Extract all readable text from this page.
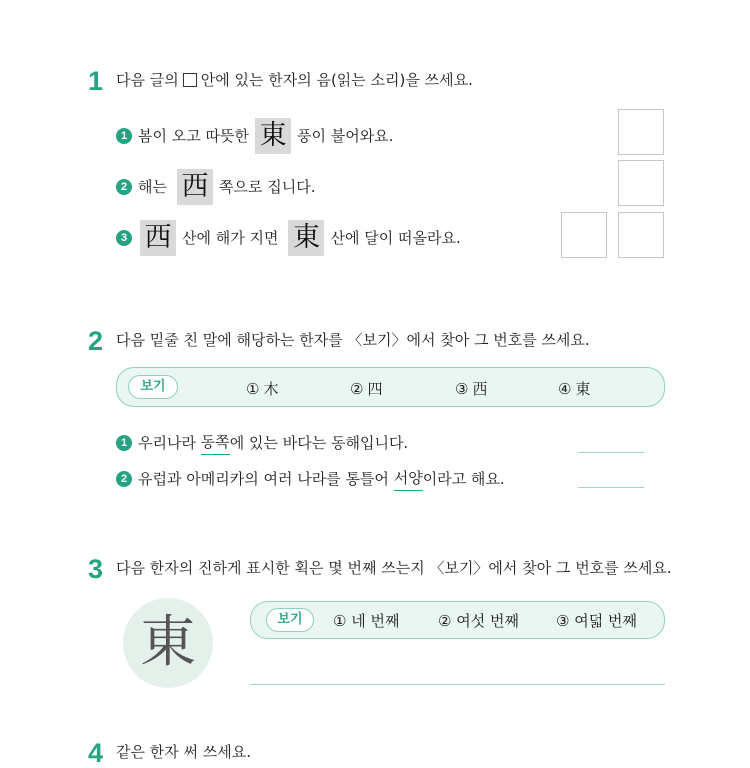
1 다음 글의 안에 있는 한자의 음(읽는 소리)을 쓰세요.
1 봄이 오고 따뜻한 東 풍이 불어와요.
2 해는 西 쪽으로 집니다.
3 西 산에 해가 지면 東 산에 달이 떠올라요.
2 다음 밑줄 친 말에 해당하는 한자를 〈보기〉에서 찾아 그 번호를 쓰세요.
보기	① 木	② 四	③ 西	④ 東
1 우리나라
동쪽 에 있는 바다는 동해입니다.
2 유럽과 아메리카의 여러 나라를 통틀어
서양 이라고 해요.
3 다음 한자의 진하게 표시한 획은 몇 번째 쓰는지 〈보기〉에서 찾아 그 번호를 쓰세요.
東	보기	① 네 번째	② 여섯 번째 ③ 여덟 번째
4 같은 한자 써 쓰세요.
